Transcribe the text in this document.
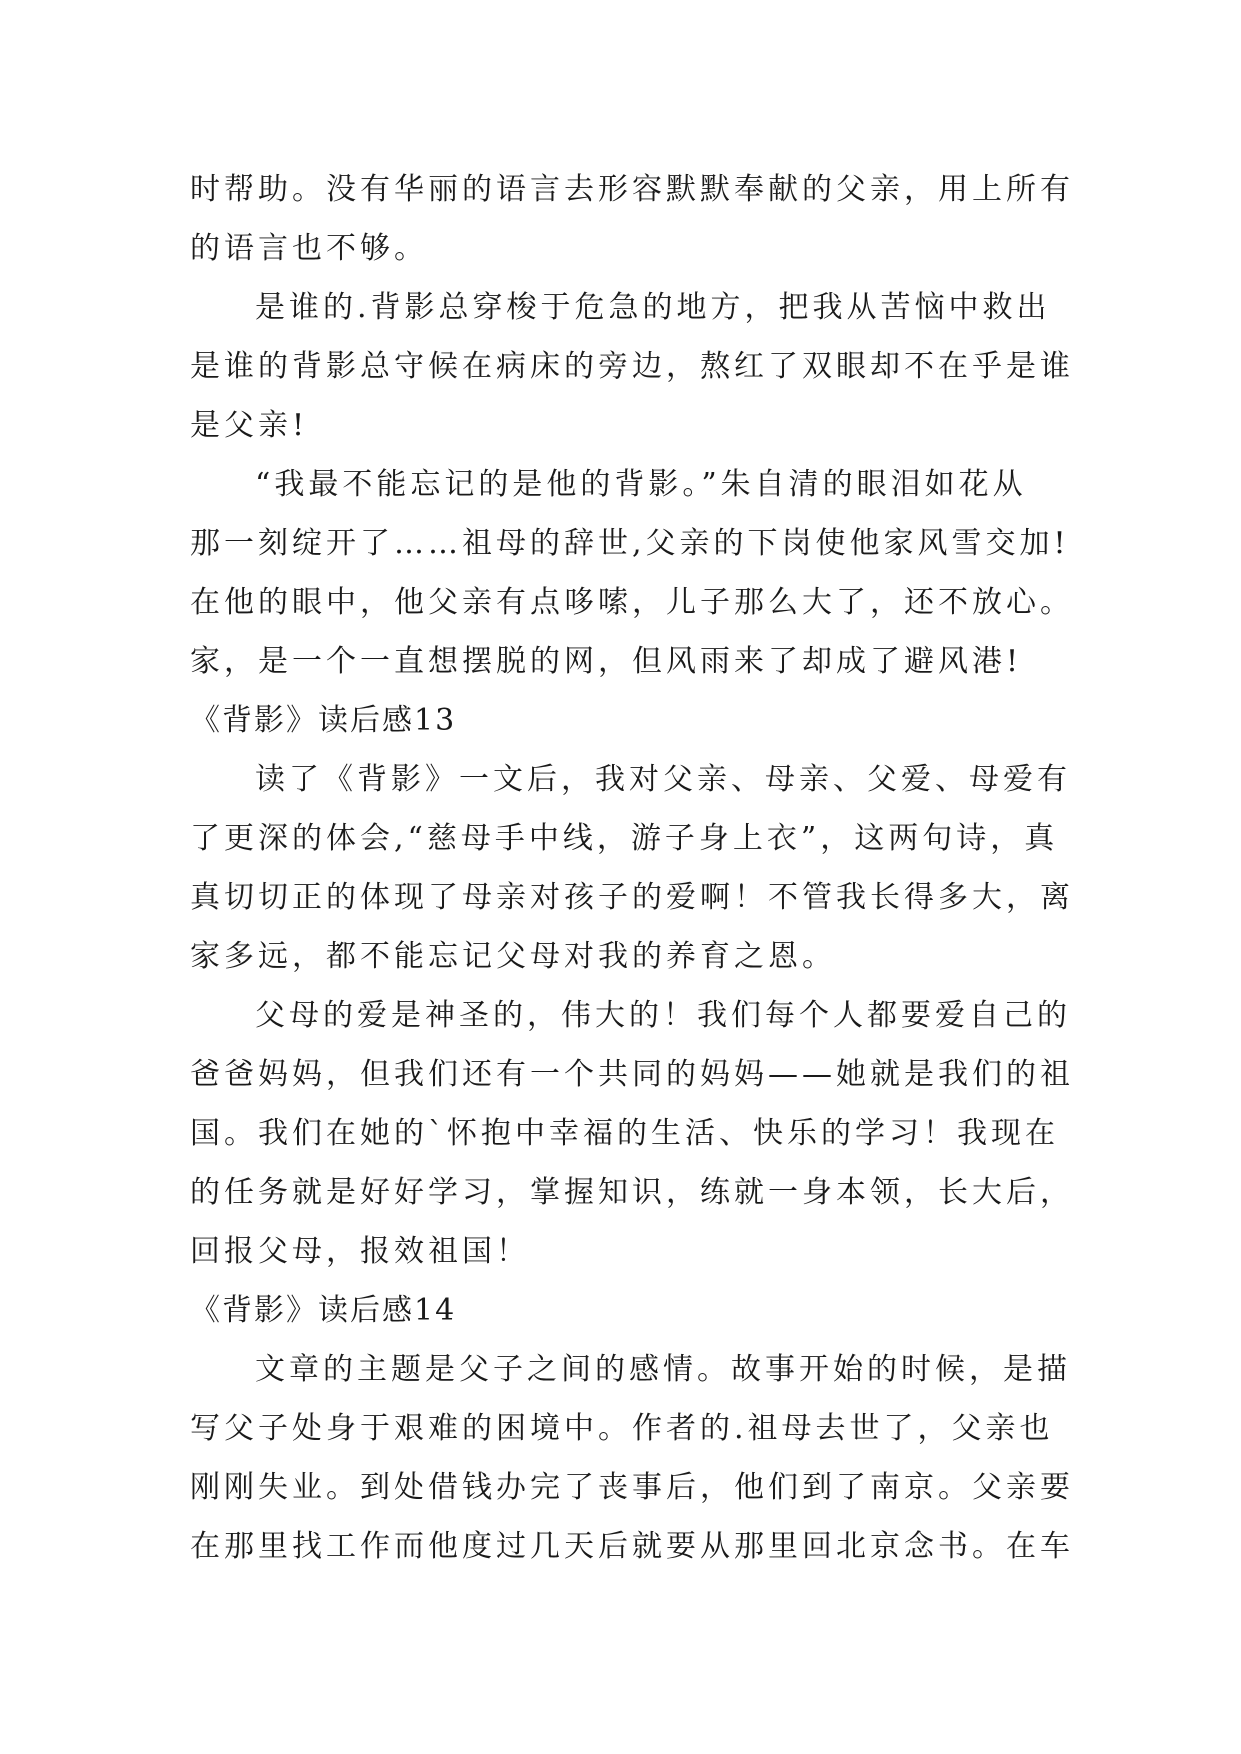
时帮助。没有华丽的语言去形容默默奉献的父亲，用上所有
的语言也不够。
是谁的.背影总穿梭于危急的地方，把我从苦恼中救出
是谁的背影总守候在病床的旁边，熬红了双眼却不在乎是谁
是父亲!
“我最不能忘记的是他的背影。”朱自清的眼泪如花从
那一刻绽开了……祖母的辞世,父亲的下岗使他家风雪交加!
在他的眼中，他父亲有点哆嗦，儿子那么大了，还不放心。
家，是一个一直想摆脱的网，但风雨来了却成了避风港!
《背影》读后感13
读了《背影》一文后，我对父亲、母亲、父爱、母爱有
了更深的体会,“慈母手中线，游子身上衣”，这两句诗，真
真切切正的体现了母亲对孩子的爱啊！不管我长得多大，离
家多远，都不能忘记父母对我的养育之恩。
父母的爱是神圣的，伟大的！我们每个人都要爱自己的
爸爸妈妈，但我们还有一个共同的妈妈——她就是我们的祖
国。我们在她的`怀抱中幸福的生活、快乐的学习！我现在
的任务就是好好学习，掌握知识，练就一身本领，长大后，
回报父母，报效祖国！
《背影》读后感14
文章的主题是父子之间的感情。故事开始的时候，是描
写父子处身于艰难的困境中。作者的.祖母去世了，父亲也
刚刚失业。到处借钱办完了丧事后，他们到了南京。父亲要
在那里找工作而他度过几天后就要从那里回北京念书。在车
